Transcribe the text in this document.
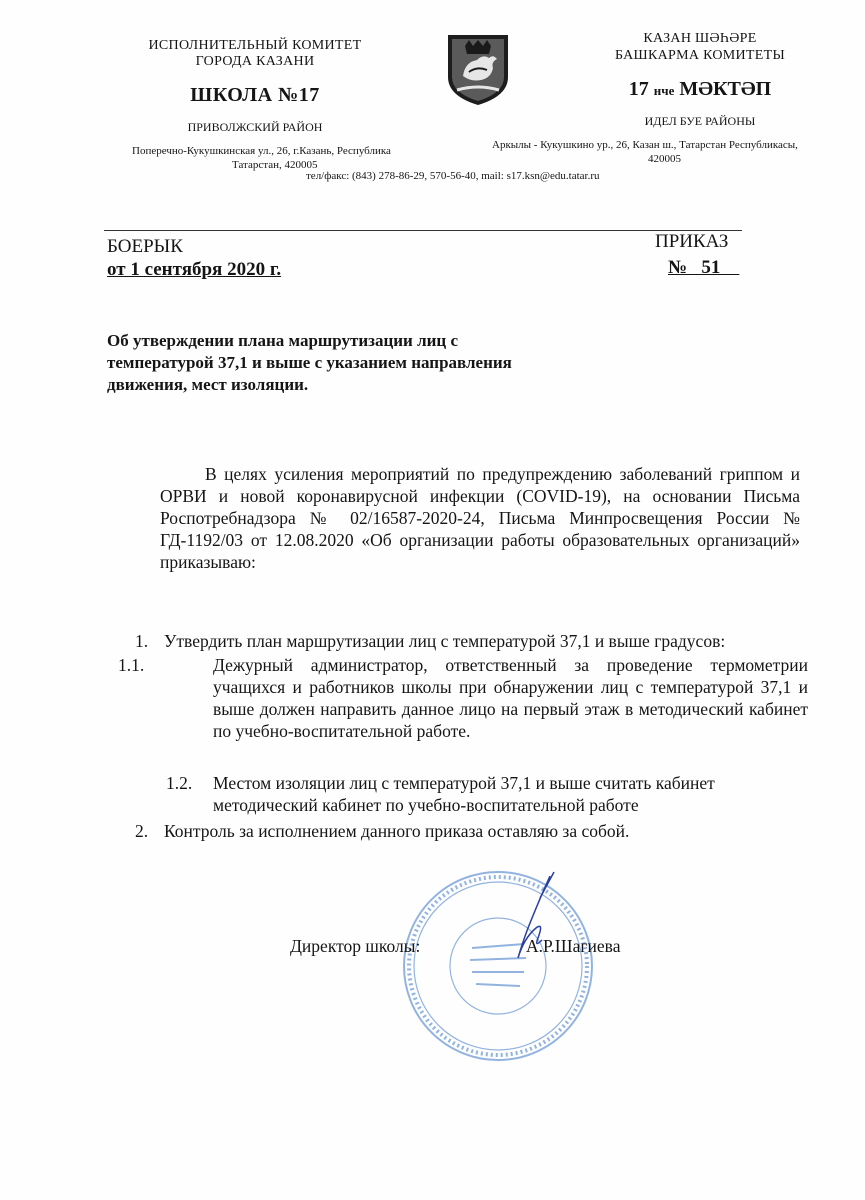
ИСПОЛНИТЕЛЬНЫЙ КОМИТЕТ
ГОРОДА КАЗАНИ
ШКОЛА №17
ПРИВОЛЖСКИЙ РАЙОН
Поперечно-Кукушкинская ул., 26, г.Казань, Республика
Татарстан, 420005
КАЗАН ШӘҺӘРЕ
БАШКАРМА КОМИТЕТЫ
17 нче МӘКТӘП
ИДЕЛ БУЕ РАЙОНЫ
Аркылы - Кукушкино ур., 26, Казан ш., Татарстан Республикасы,
420005
тел/факс: (843) 278-86-29, 570-56-40, mail: s17.ksn@edu.tatar.ru
БОЕРЫК
от 1 сентября 2020 г.
ПРИКАЗ
№   51
Об утверждении плана маршрутизации лиц с температурой 37,1 и выше с указанием направления движения, мест изоляции.
В целях усиления мероприятий по предупреждению заболеваний гриппом и ОРВИ и новой коронавирусной инфекции (COVID-19), на основании Письма Роспотребнадзора № 02/16587-2020-24, Письма Минпросвещения России № ГД-1192/03 от 12.08.2020 «Об организации работы образовательных организаций» приказываю:
1. Утвердить план маршрутизации лиц с температурой 37,1 и выше градусов:
1.1.	Дежурный администратор, ответственный за проведение термометрии учащихся и работников школы при обнаружении лиц с температурой 37,1 и выше должен направить данное лицо на первый этаж в методический кабинет по учебно-воспитательной работе.
1.2. Местом изоляции лиц с температурой 37,1 и выше считать кабинет методический кабинет по учебно-воспитательной работе
2. Контроль за исполнением данного приказа оставляю за собой.
Директор школы:	А.Р.Шагиева
